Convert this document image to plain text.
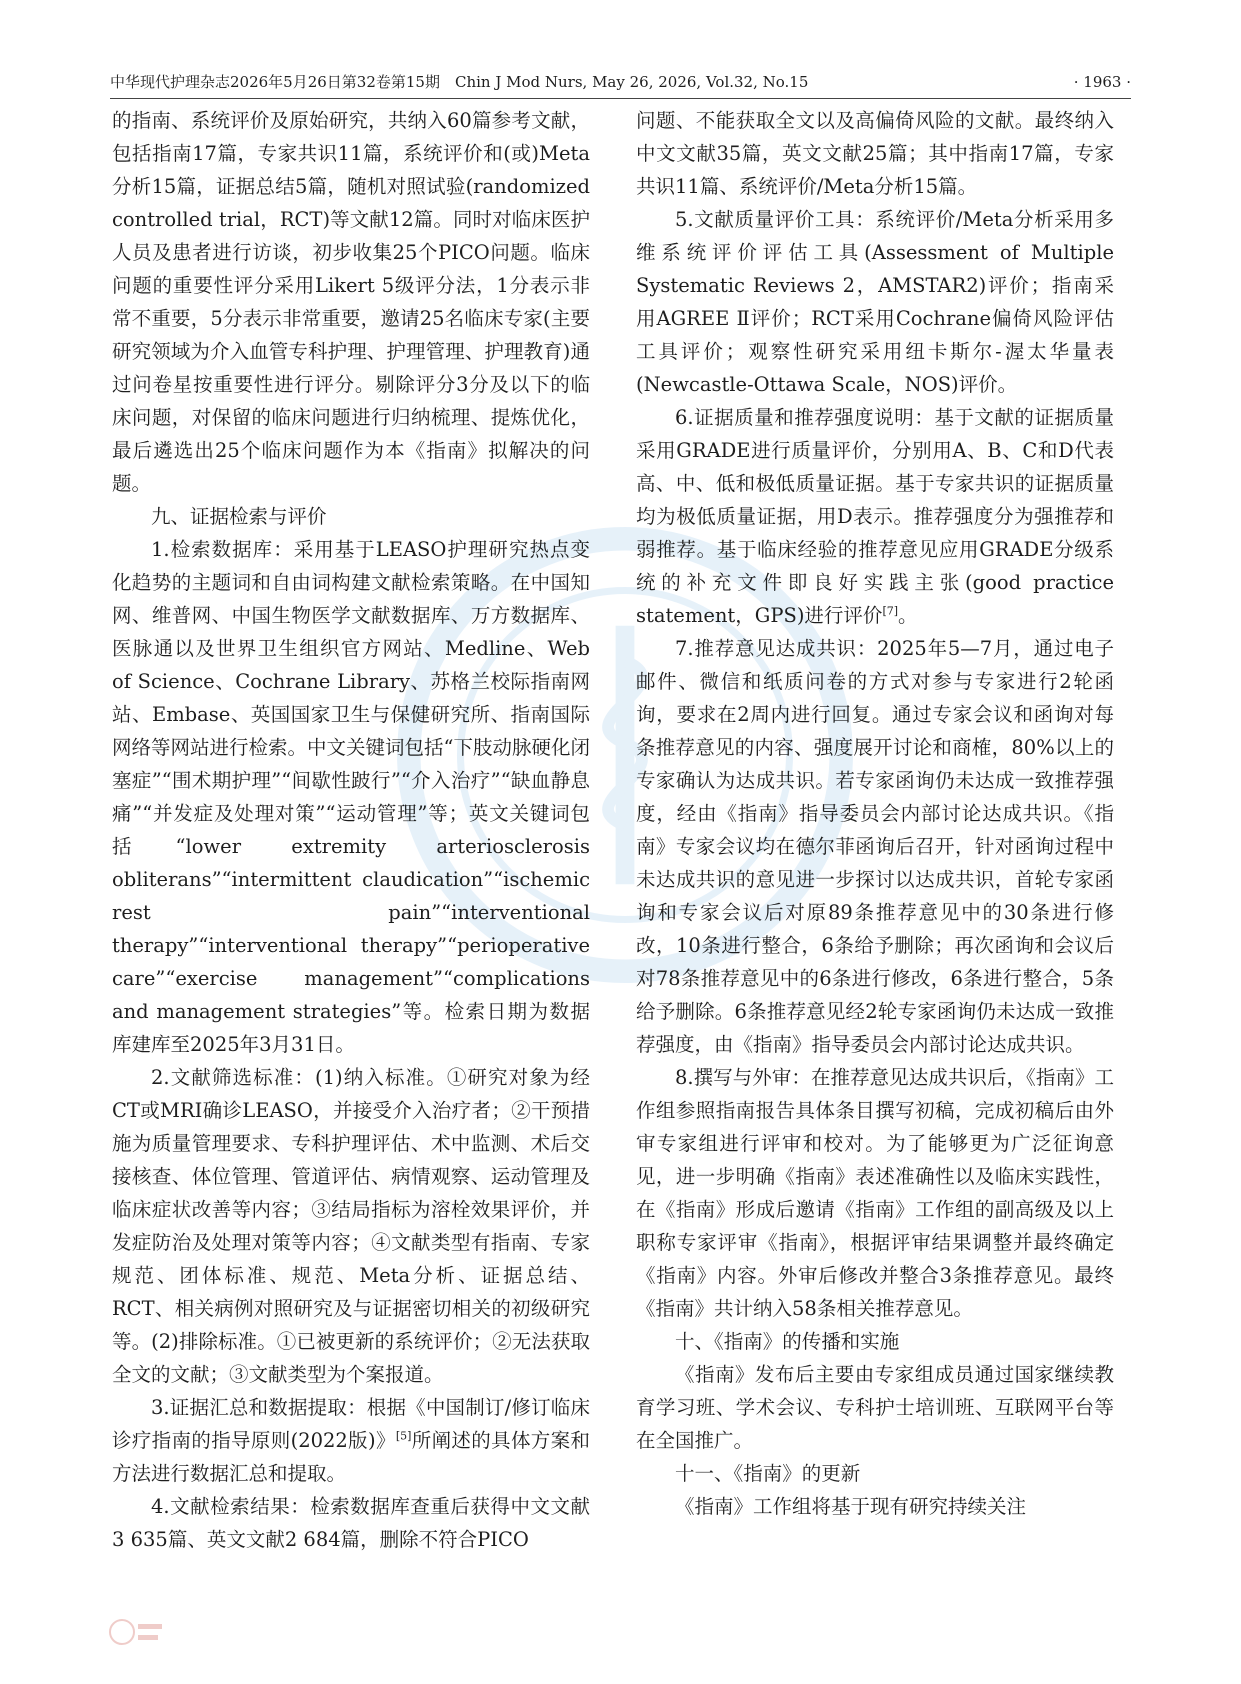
中华现代护理杂志2026年5月26日第32卷第15期　Chin J Mod Nurs, May 26, 2026, Vol.32, No.15	· 1963 ·

的指南、系统评价及原始研究，共纳入60篇参考文献，包括指南17篇，专家共识11篇，系统评价和(或)Meta分析15篇，证据总结5篇，随机对照试验(randomized controlled trial，RCT)等文献12篇。同时对临床医护人员及患者进行访谈，初步收集25个PICO问题。临床问题的重要性评分采用Likert 5级评分法，1分表示非常不重要，5分表示非常重要，邀请25名临床专家(主要研究领域为介入血管专科护理、护理管理、护理教育)通过问卷星按重要性进行评分。剔除评分3分及以下的临床问题，对保留的临床问题进行归纳梳理、提炼优化，最后遴选出25个临床问题作为本《指南》拟解决的问题。

九、证据检索与评价

1.检索数据库：采用基于LEASO护理研究热点变化趋势的主题词和自由词构建文献检索策略。在中国知网、维普网、中国生物医学文献数据库、万方数据库、医脉通以及世界卫生组织官方网站、Medline、Web of Science、Cochrane Library、苏格兰校际指南网站、Embase、英国国家卫生与保健研究所、指南国际网络等网站进行检索。中文关键词包括“下肢动脉硬化闭塞症”“围术期护理”“间歇性跛行”“介入治疗”“缺血静息痛”“并发症及处理对策”“运动管理”等；英文关键词包括“lower extremity arteriosclerosis obliterans”“intermittent claudication”“ischemic rest pain”“interventional therapy”“interventional therapy”“perioperative care”“exercise management”“complications and management strategies”等。检索日期为数据库建库至2025年3月31日。

2.文献筛选标准：(1)纳入标准。①研究对象为经CT或MRI确诊LEASO，并接受介入治疗者；②干预措施为质量管理要求、专科护理评估、术中监测、术后交接核查、体位管理、管道评估、病情观察、运动管理及临床症状改善等内容；③结局指标为溶栓效果评价，并发症防治及处理对策等内容；④文献类型有指南、专家规范、团体标准、规范、Meta分析、证据总结、RCT、相关病例对照研究及与证据密切相关的初级研究等。(2)排除标准。①已被更新的系统评价；②无法获取全文的文献；③文献类型为个案报道。

3.证据汇总和数据提取：根据《中国制订/修订临床诊疗指南的指导原则(2022版)》[5]所阐述的具体方案和方法进行数据汇总和提取。

4.文献检索结果：检索数据库查重后获得中文文献3 635篇、英文文献2 684篇，删除不符合PICO

问题、不能获取全文以及高偏倚风险的文献。最终纳入中文文献35篇，英文文献25篇；其中指南17篇，专家共识11篇、系统评价/Meta分析15篇。

5.文献质量评价工具：系统评价/Meta分析采用多维系统评价评估工具(Assessment of Multiple Systematic Reviews 2，AMSTAR2)评价；指南采用AGREE Ⅱ评价；RCT采用Cochrane偏倚风险评估工具评价；观察性研究采用纽卡斯尔-渥太华量表(Newcastle-Ottawa Scale，NOS)评价。

6.证据质量和推荐强度说明：基于文献的证据质量采用GRADE进行质量评价，分别用A、B、C和D代表高、中、低和极低质量证据。基于专家共识的证据质量均为极低质量证据，用D表示。推荐强度分为强推荐和弱推荐。基于临床经验的推荐意见应用GRADE分级系统的补充文件即良好实践主张(good practice statement，GPS)进行评价[7]。

7.推荐意见达成共识：2025年5—7月，通过电子邮件、微信和纸质问卷的方式对参与专家进行2轮函询，要求在2周内进行回复。通过专家会议和函询对每条推荐意见的内容、强度展开讨论和商榷，80%以上的专家确认为达成共识。若专家函询仍未达成一致推荐强度，经由《指南》指导委员会内部讨论达成共识。《指南》专家会议均在德尔菲函询后召开，针对函询过程中未达成共识的意见进一步探讨以达成共识，首轮专家函询和专家会议后对原89条推荐意见中的30条进行修改，10条进行整合，6条给予删除；再次函询和会议后对78条推荐意见中的6条进行修改，6条进行整合，5条给予删除。6条推荐意见经2轮专家函询仍未达成一致推荐强度，由《指南》指导委员会内部讨论达成共识。

8.撰写与外审：在推荐意见达成共识后，《指南》工作组参照指南报告具体条目撰写初稿，完成初稿后由外审专家组进行评审和校对。为了能够更为广泛征询意见，进一步明确《指南》表述准确性以及临床实践性，在《指南》形成后邀请《指南》工作组的副高级及以上职称专家评审《指南》，根据评审结果调整并最终确定《指南》内容。外审后修改并整合3条推荐意见。最终《指南》共计纳入58条相关推荐意见。

十、《指南》的传播和实施

《指南》发布后主要由专家组成员通过国家继续教育学习班、学术会议、专科护士培训班、互联网平台等在全国推广。

十一、《指南》的更新

《指南》工作组将基于现有研究持续关注
